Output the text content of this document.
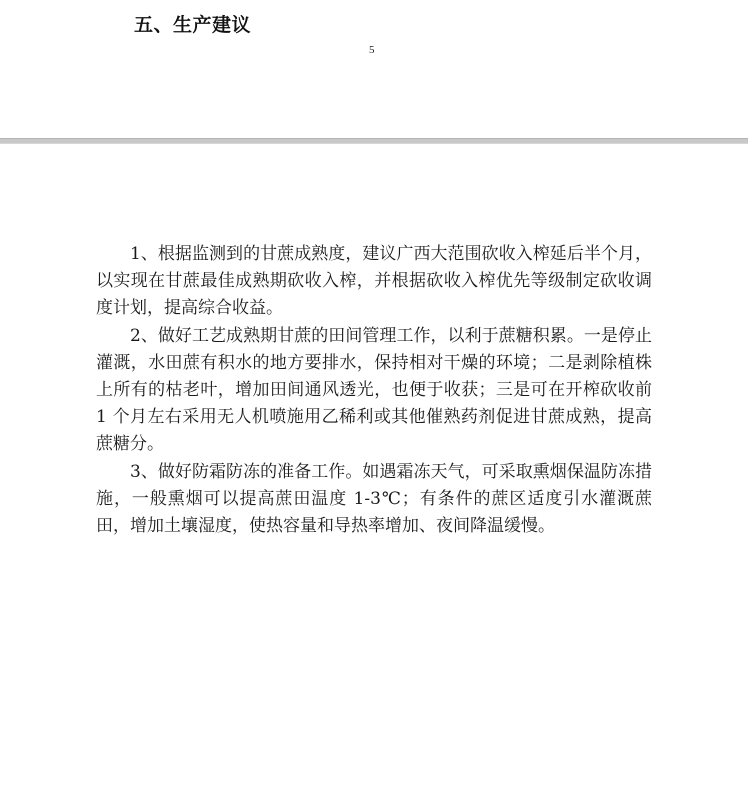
五、生产建议
5

1、根据监测到的甘蔗成熟度，建议广西大范围砍收入榨延后半个月，以实现在甘蔗最佳成熟期砍收入榨，并根据砍收入榨优先等级制定砍收调度计划，提高综合收益。

2、做好工艺成熟期甘蔗的田间管理工作，以利于蔗糖积累。一是停止灌溉，水田蔗有积水的地方要排水，保持相对干燥的环境；二是剥除植株上所有的枯老叶，增加田间通风透光，也便于收获；三是可在开榨砍收前 1 个月左右采用无人机喷施用乙稀利或其他催熟药剂促进甘蔗成熟，提高蔗糖分。

3、做好防霜防冻的准备工作。如遇霜冻天气，可采取熏烟保温防冻措施，一般熏烟可以提高蔗田温度 1-3℃；有条件的蔗区适度引水灌溉蔗田，增加土壤湿度，使热容量和导热率增加、夜间降温缓慢。
